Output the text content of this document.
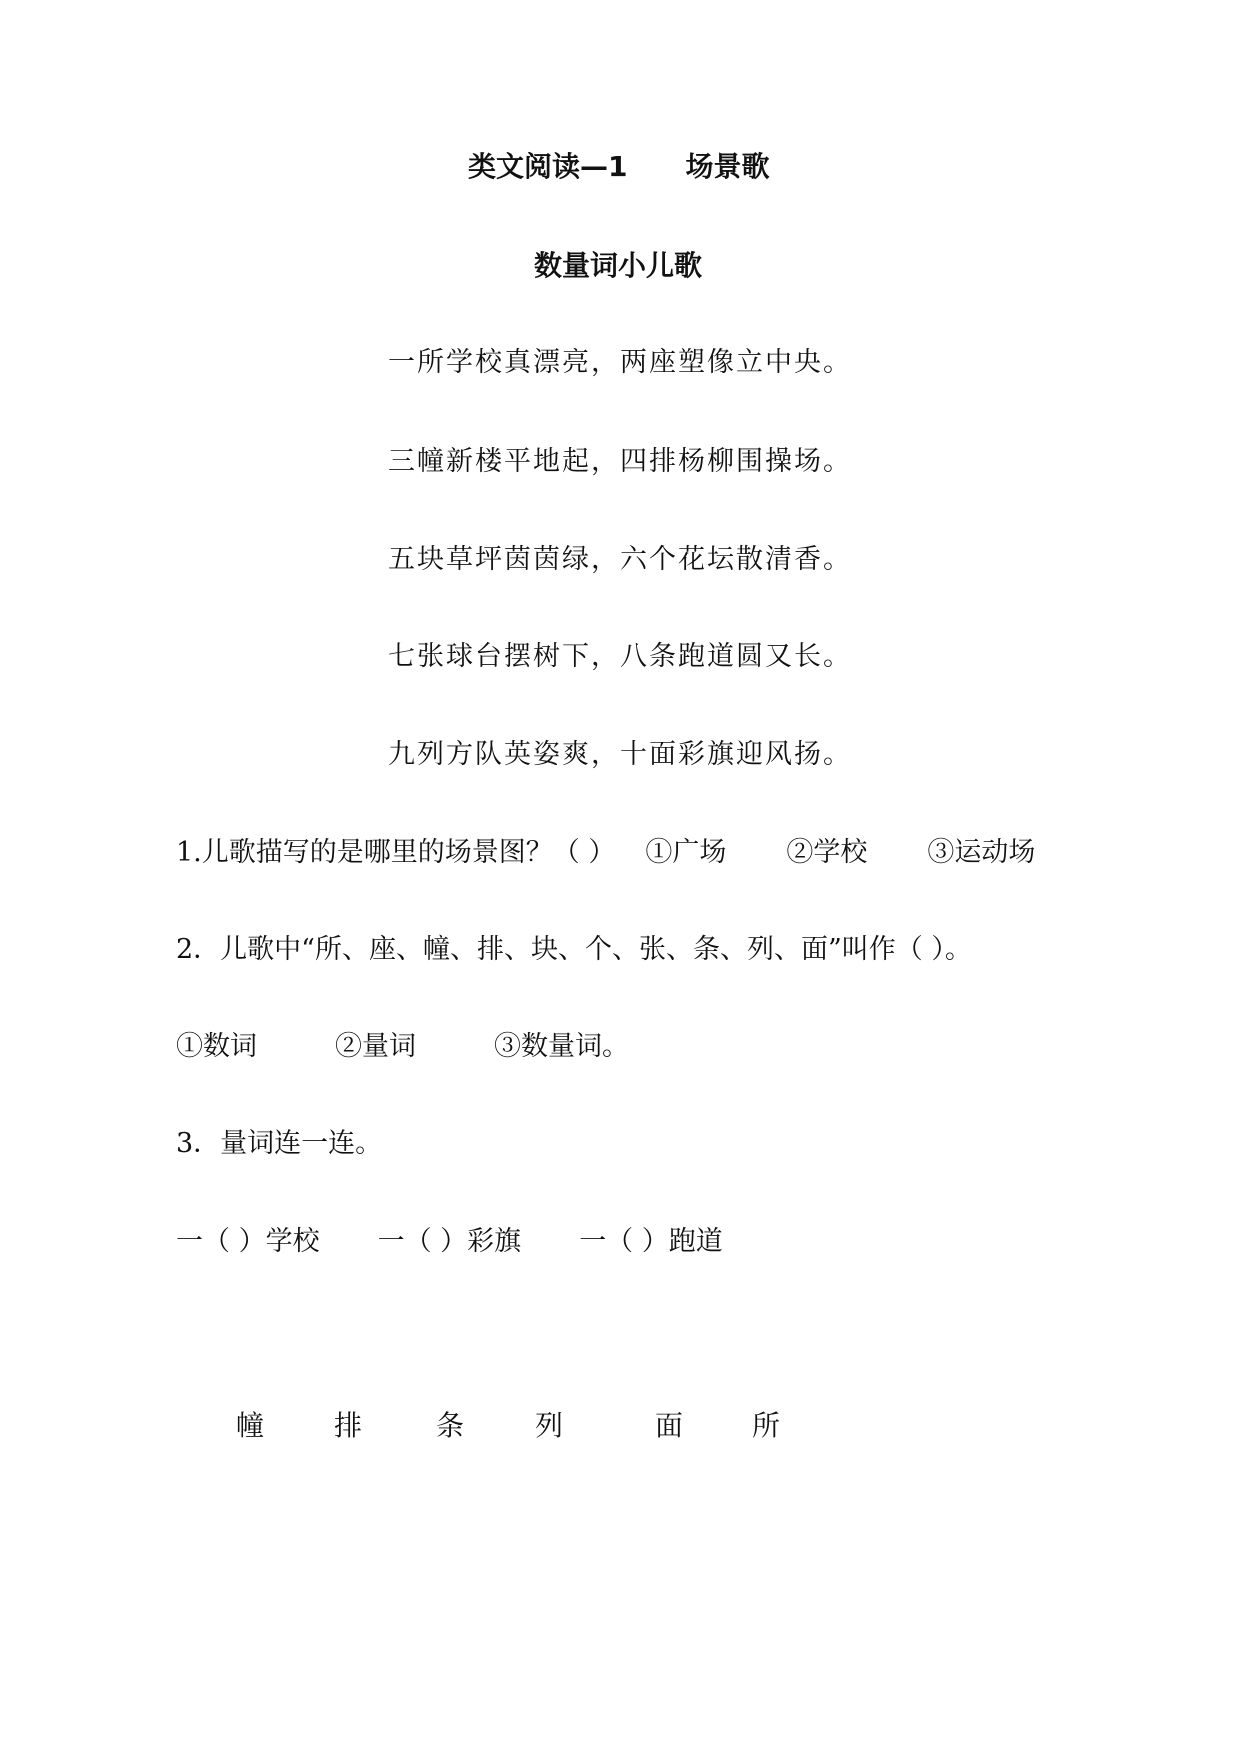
类文阅读—1 场景歌
数量词小儿歌
一所学校真漂亮，两座塑像立中央。
三幢新楼平地起，四排杨柳围操场。
五块草坪茵茵绿，六个花坛散清香。
七张球台摆树下，八条跑道圆又长。
九列方队英姿爽，十面彩旗迎风扬。
1.儿歌描写的是哪里的场景图？（ ） ①广场 ②学校 ③运动场
2．儿歌中“所、座、幢、排、块、个、张、条、列、面”叫作（ ）。
①数词	②量词	③数量词。
3．量词连一连。
一（ ）学校 一（ ）彩旗 一（ ）跑道
幢 排	条	列	面 所
